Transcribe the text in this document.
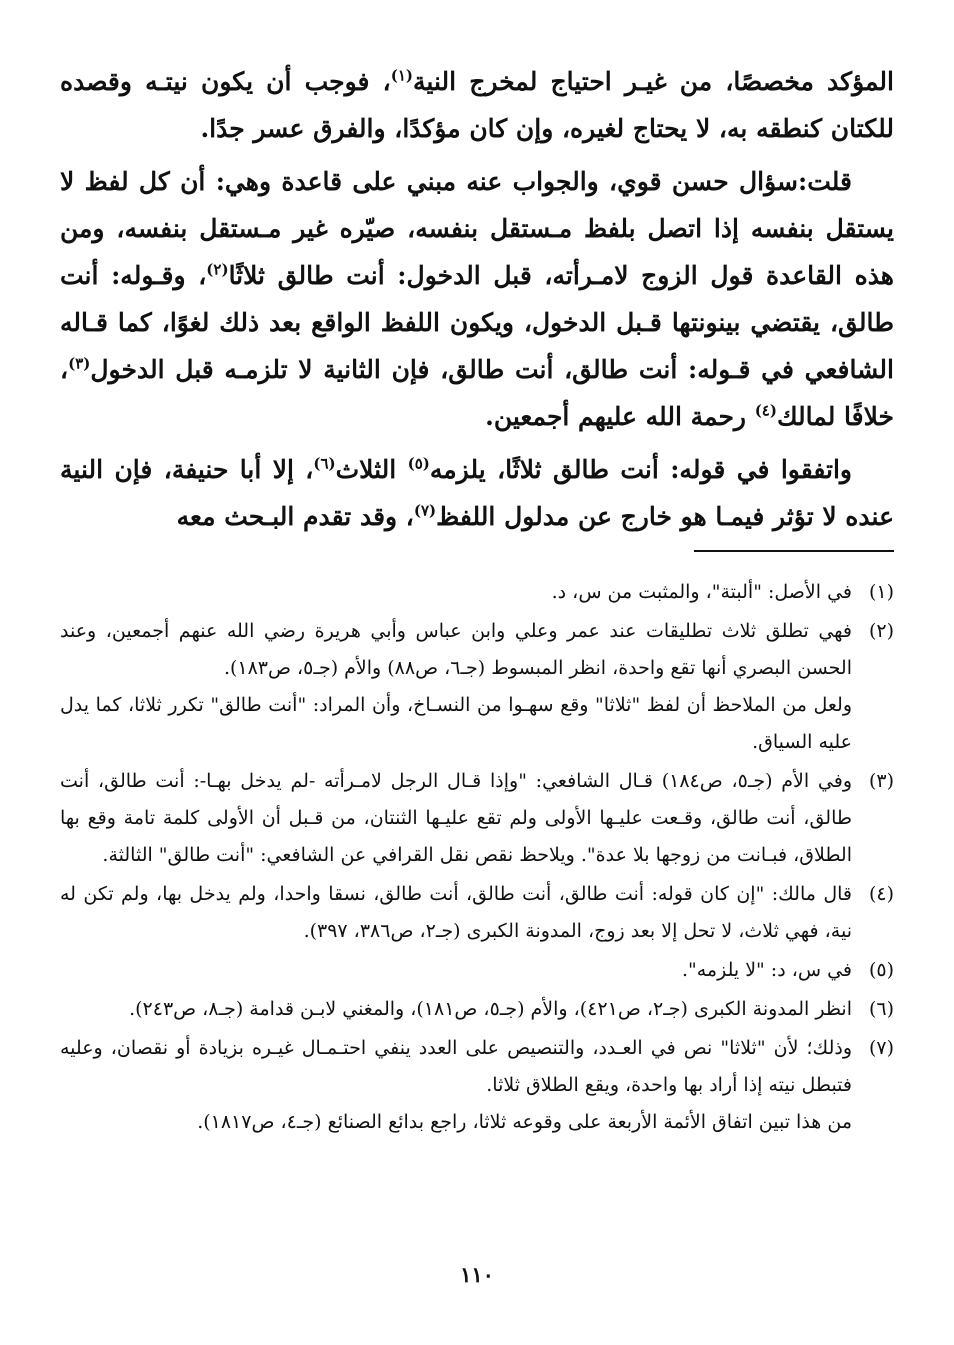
المؤكد مخصصًا، من غيـر احتياج لمخرج النية$^{(١)}$، فوجب أن يكون نيتـه وقصده للكتان كنطقه به، لا يحتاج لغيره، وإن كان مؤكدًا، والفرق عسر جدًا.

قلت:سؤال حسن قوي، والجواب عنه مبني على قاعدة وهي: أن كل لفظ لا يستقل بنفسه إذا اتصل بلفظ مـستقل بنفسه، صيّره غير مـستقل بنفسه، ومن هذه القاعدة قول الزوج لامـرأته، قبل الدخول: أنت طالق ثلاثًا$^{(٢)}$، وقـوله: أنت طالق، يقتضي بينونتها قـبل الدخول، ويكون اللفظ الواقع بعد ذلك لغوًا، كما قـاله الشافعي في قـوله: أنت طالق، أنت طالق، فإن الثانية لا تلزمـه قبل الدخول$^{(٣)}$، خلافًا لمالك$^{(٤)}$ رحمة الله عليهم أجمعين.

واتفقوا في قوله: أنت طالق ثلاثًا، يلزمه$^{(٥)}$ الثلاث$^{(٦)}$، إلا أبا حنيفة، فإن النية عنده لا تؤثر فيمـا هو خارج عن مدلول اللفظ$^{(٧)}$، وقد تقدم البـحث معه

(١)
في الأصل: "ألبتة"، والمثبت من س، د.
(٢)
فهي تطلق ثلاث تطليقات عند عمر وعلي وابن عباس وأبي هريرة رضي الله عنهم أجمعين، وعند الحسن البصري أنها تقع واحدة، انظر المبسوط (جـ٦، ص٨٨) والأم (جـ٥، ص١٨٣).
ولعل من الملاحظ أن لفظ "ثلاثا" وقع سهـوا من النسـاخ، وأن المراد: "أنت طالق" تكرر ثلاثا، كما يدل عليه السياق.
(٣)
وفي الأم (جـ٥، ص١٨٤) قـال الشافعي: "وإذا قـال الرجل لامـرأته -لم يدخل بهـا-: أنت طالق، أنت طالق، أنت طالق، وقـعت عليـها الأولى ولم تقع عليـها الثنتان، من قـبل أن الأولى كلمة تامة وقع بها الطلاق، فبـانت من زوجها بلا عدة". ويلاحظ نقص نقل القرافي عن الشافعي: "أنت طالق" الثالثة.
(٤)
قال مالك: "إن كان قوله: أنت طالق، أنت طالق، أنت طالق، نسقا واحدا، ولم يدخل بها، ولم تكن له نية، فهي ثلاث، لا تحل إلا بعد زوج، المدونة الكبرى (جـ٢، ص٣٨٦، ٣٩٧).
(٥)
في س، د: "لا يلزمه".
(٦)
انظر المدونة الكبرى (جـ٢، ص٤٢١)، والأم (جـ٥، ص١٨١)، والمغني لابـن قدامة (جـ٨، ص٢٤٣).
(٧)
وذلك؛ لأن "ثلاثا" نص في العـدد، والتنصيص على العدد ينفي احتـمـال غيـره بزيادة أو نقصان، وعليه فتبطل نيته إذا أراد بها واحدة، ويقع الطلاق ثلاثا.
من هذا تبين اتفاق الأئمة الأربعة على وقوعه ثلاثا، راجع بدائع الصنائع (جـ٤، ص١٨١٧).
١١٠
